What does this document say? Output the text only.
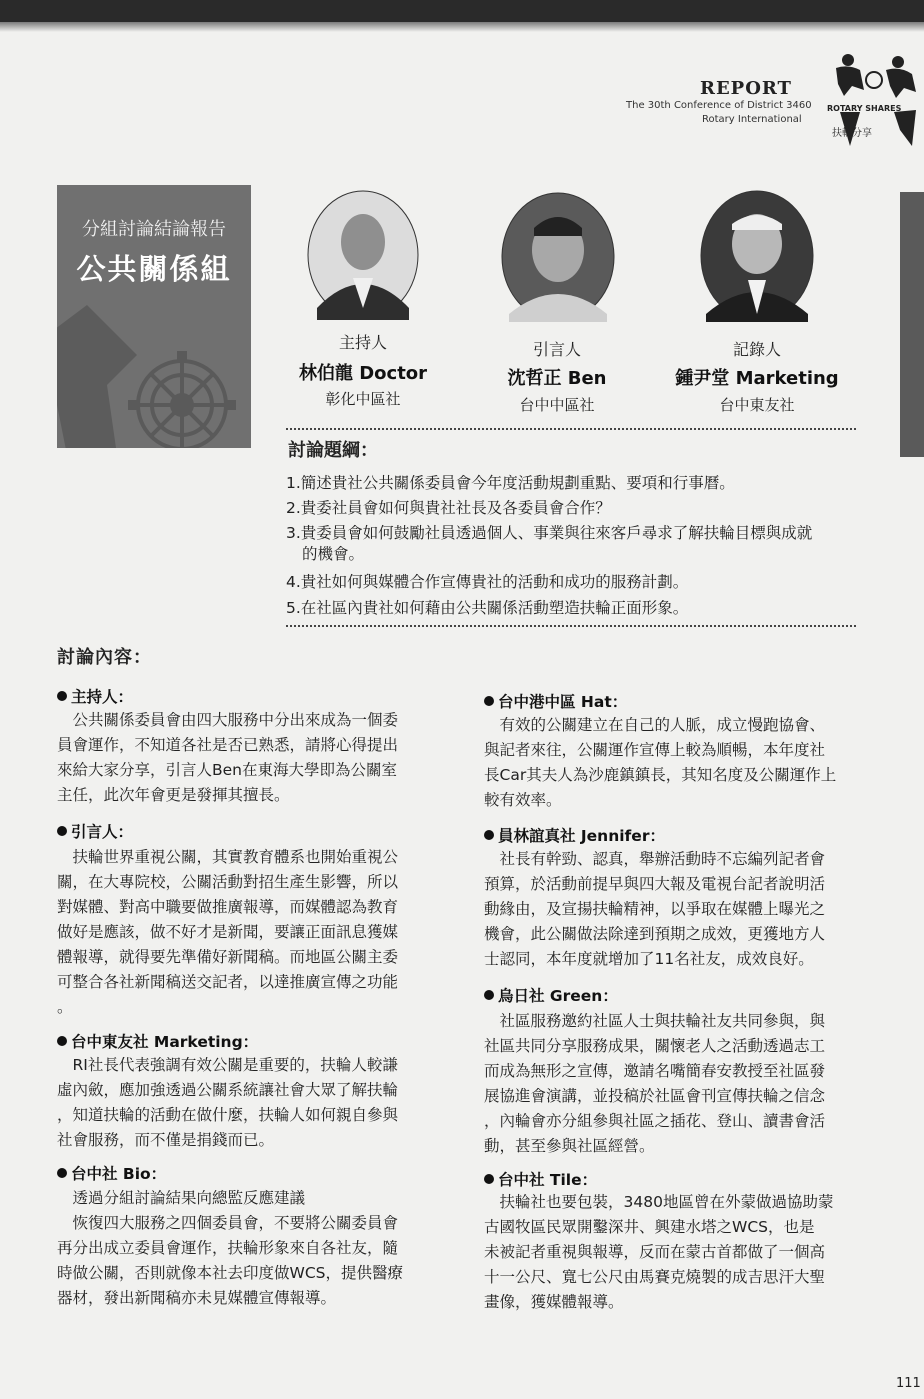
REPORT
The 30th Conference of District 3460
Rotary International
ROTARY SHARES
扶輪分享
分組討論結論報告
公共關係組
主持人
林伯龍 Doctor
彰化中區社
引言人
沈哲正 Ben
台中中區社
記錄人
鍾尹堂 Marketing
台中東友社
討論題綱：
1.簡述貴社公共關係委員會今年度活動規劃重點、要項和行事曆。
2.貴委社員會如何與貴社社長及各委員會合作？
3.貴委員會如何鼓勵社員透過個人、事業與往來客戶尋求了解扶輪目標與成就
的機會。
4.貴社如何與媒體合作宣傳貴社的活動和成功的服務計劃。
5.在社區內貴社如何藉由公共關係活動塑造扶輪正面形象。
討論內容：
主持人：
　公共關係委員會由四大服務中分出來成為一個委
員會運作，不知道各社是否已熟悉，請將心得提出
來給大家分享，引言人Ben在東海大學即為公關室
主任，此次年會更是發揮其擅長。
引言人：
　扶輪世界重視公關，其實教育體系也開始重視公
關，在大專院校，公關活動對招生產生影響，所以
對媒體、對高中職要做推廣報導，而媒體認為教育
做好是應該，做不好才是新聞，要讓正面訊息獲媒
體報導，就得要先準備好新聞稿。而地區公關主委
可整合各社新聞稿送交記者，以達推廣宣傳之功能
。
台中東友社 Marketing：
　RI社長代表強調有效公關是重要的，扶輪人較謙
虛內斂，應加強透過公關系統讓社會大眾了解扶輪
，知道扶輪的活動在做什麼，扶輪人如何親自參與
社會服務，而不僅是捐錢而已。
台中社 Bio：
　透過分組討論結果向總監反應建議
　恢復四大服務之四個委員會，不要將公關委員會
再分出成立委員會運作，扶輪形象來自各社友，隨
時做公關，否則就像本社去印度做WCS，提供醫療
器材，發出新聞稿亦未見媒體宣傳報導。
台中港中區 Hat：
　有效的公關建立在自己的人脈，成立慢跑協會、
與記者來往，公關運作宣傳上較為順暢，本年度社
長Car其夫人為沙鹿鎮鎮長，其知名度及公關運作上
較有效率。
員林誼真社 Jennifer：
　社長有幹勁、認真，舉辦活動時不忘編列記者會
預算，於活動前提早與四大報及電視台記者說明活
動緣由，及宣揚扶輪精神，以爭取在媒體上曝光之
機會，此公關做法除達到預期之成效，更獲地方人
士認同，本年度就增加了11名社友，成效良好。
烏日社 Green：
　社區服務邀約社區人士與扶輪社友共同參與，與
社區共同分享服務成果，關懷老人之活動透過志工
而成為無形之宣傳，邀請名嘴簡春安教授至社區發
展協進會演講，並投稿於社區會刊宣傳扶輪之信念
，內輪會亦分組參與社區之插花、登山、讀書會活
動，甚至參與社區經營。
台中社 Tile：
　扶輪社也要包裝，3480地區曾在外蒙做過協助蒙
古國牧區民眾開鑿深井、興建水塔之WCS，也是
未被記者重視與報導，反而在蒙古首都做了一個高
十一公尺、寬七公尺由馬賽克燒製的成吉思汗大聖
畫像，獲媒體報導。
111
